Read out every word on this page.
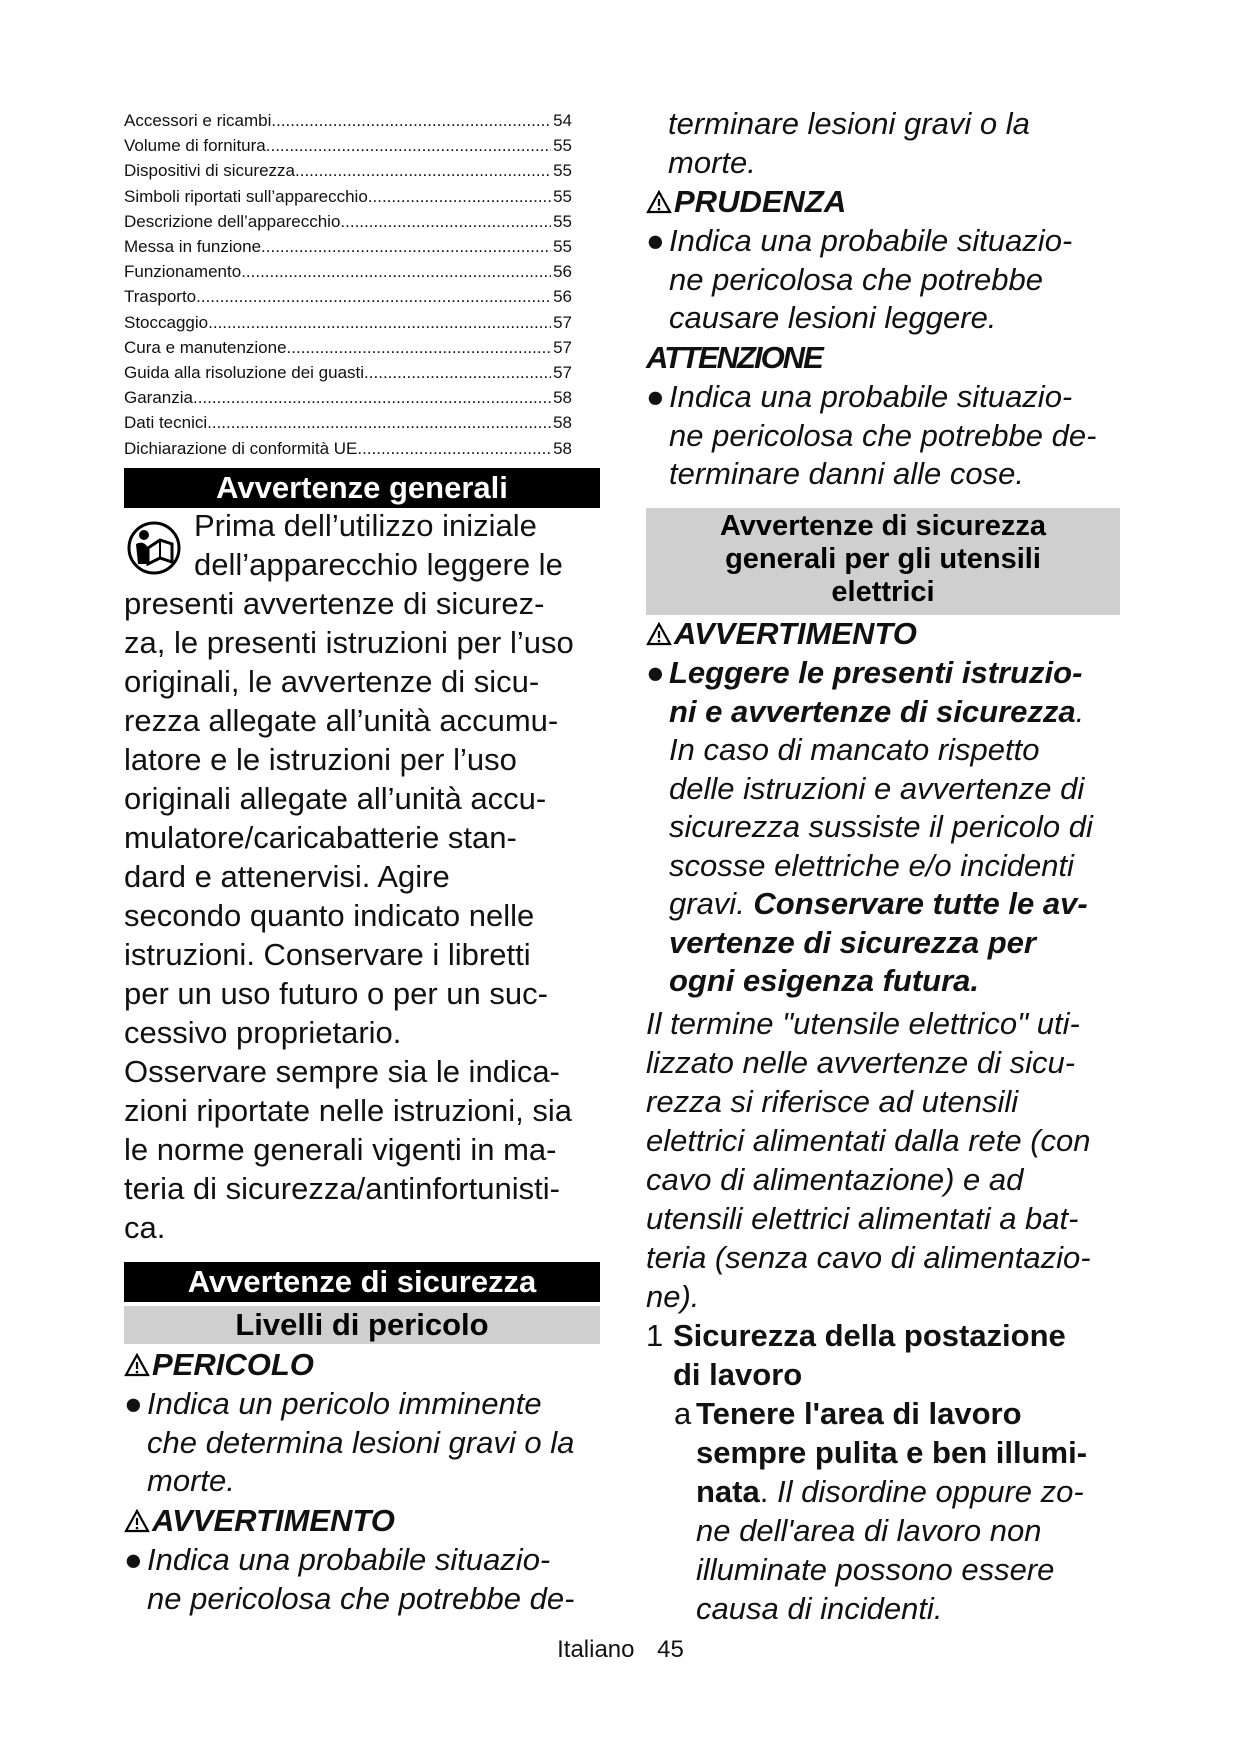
Accessori e ricambi .....	54
Volume di fornitura .....	55
Dispositivi di sicurezza .....	55
Simboli riportati sull’apparecchio .....	55
Descrizione dell’apparecchio .....	55
Messa in funzione .....	55
Funzionamento .....	56
Trasporto .....	56
Stoccaggio .....	57
Cura e manutenzione .....	57
Guida alla risoluzione dei guasti .....	57
Garanzia .....	58
Dati tecnici .....	58
Dichiarazione di conformità UE .....	58
Avvertenze generali
Prima dell’utilizzo iniziale
dell’apparecchio leggere le
presenti avvertenze di sicurez-
za, le presenti istruzioni per l’uso
originali, le avvertenze di sicu-
rezza allegate all’unità accumu-
latore e le istruzioni per l’uso
originali allegate all’unità accu-
mulatore/caricabatterie stan-
dard e attenervisi. Agire
secondo quanto indicato nelle
istruzioni. Conservare i libretti
per un uso futuro o per un suc-
cessivo proprietario.
Osservare sempre sia le indica-
zioni riportate nelle istruzioni, sia
le norme generali vigenti in ma-
teria di sicurezza/antinfortunisti-
ca.
Avvertenze di sicurezza
Livelli di pericolo
PERICOLO
● Indica un pericolo imminente
che determina lesioni gravi o la
morte.
AVVERTIMENTO
● Indica una probabile situazio-
ne pericolosa che potrebbe de-
terminare lesioni gravi o la
morte.
PRUDENZA
● Indica una probabile situazio-
ne pericolosa che potrebbe
causare lesioni leggere.
ATTENZIONE
● Indica una probabile situazio-
ne pericolosa che potrebbe de-
terminare danni alle cose.
Avvertenze di sicurezza
generali per gli utensili
elettrici
AVVERTIMENTO
● Leggere le presenti istruzio-
ni e avvertenze di sicurezza.
In caso di mancato rispetto
delle istruzioni e avvertenze di
sicurezza sussiste il pericolo di
scosse elettriche e/o incidenti
gravi. Conservare tutte le av-
vertenze di sicurezza per
ogni esigenza futura.
Il termine "utensile elettrico" uti-
lizzato nelle avvertenze di sicu-
rezza si riferisce ad utensili
elettrici alimentati dalla rete (con
cavo di alimentazione) e ad
utensili elettrici alimentati a bat-
teria (senza cavo di alimentazio-
ne).
1 Sicurezza della postazione
di lavoro
a Tenere l'area di lavoro
sempre pulita e ben illumi-
nata. Il disordine oppure zo-
ne dell'area di lavoro non
illuminate possono essere
causa di incidenti.
Italiano 45
